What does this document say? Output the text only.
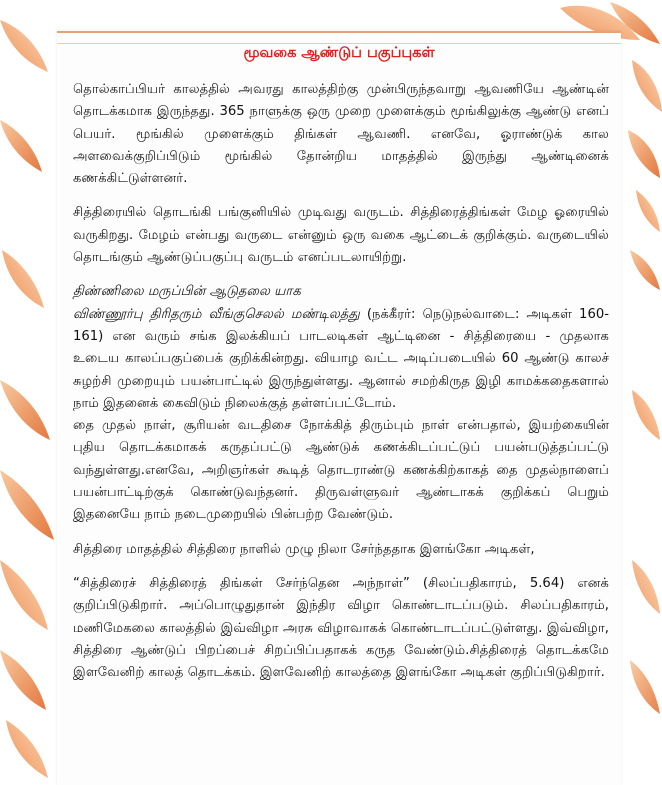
மூவகை ஆண்டுப் பகுப்புகள்

தொல்காப்பியர் காலத்தில் அவரது காலத்திற்கு முன்பிருந்தவாறு ஆவணியே ஆண்டின் தொடக்கமாக இருந்தது. 365 நாளுக்கு ஒரு முறை முளைக்கும் மூங்கிலுக்கு ஆண்டு எனப் பெயர். மூங்கில் முளைக்கும் திங்கள் ஆவணி. எனவே, ஓராண்டுக் கால அளவைக்குறிப்பிடும் மூங்கில் தோன்றிய மாதத்தில் இருந்து ஆண்டினைக் கணக்கிட்டுள்ளனர்.

சித்திரையில் தொடங்கி பங்குனியில் முடிவது வருடம். சித்திரைத்திங்கள் மேழ ஓரையில் வருகிறது. மேழம் என்பது வருடை என்னும் ஒரு வகை ஆட்டைக் குறிக்கும். வருடையில் தொடங்கும் ஆண்டுப்பகுப்பு வருடம் எனப்படலாயிற்று.

திண்ணிலை மருப்பின் ஆடுதலை யாக
விண்ணூர்பு திரிதரும் வீங்குசெலல் மண்டிலத்து (நக்கீரர்: நெடுநல்வாடை: அடிகள் 160-161) என வரும் சங்க இலக்கியப் பாடலடிகள் ஆட்டினை - சித்திரையை - முதலாக உடைய காலப்பகுப்பைக் குறிக்கின்றது. வியாழ வட்ட அடிப்படையில் 60 ஆண்டு காலச் சுழற்சி முறையும் பயன்பாட்டில் இருந்துள்ளது. ஆனால் சமற்கிருத இழி காமக்கதைகளால் நாம் இதனைக் கைவிடும் நிலைக்குத் தள்ளப்பட்டோம்.

தை முதல் நாள், சூரியன் வடதிசை நோக்கித் திரும்பும் நாள் என்பதால், இயற்கையின் புதிய தொடக்கமாகக் கருதப்பட்டு ஆண்டுக் கணக்கிடப்பட்டுப் பயன்படுத்தப்பட்டு வந்துள்ளது.எனவே, அறிஞர்கள் கூடித் தொடராண்டு கணக்கிற்காகத் தை முதல்நாளைப் பயன்பாட்டிற்குக் கொண்டுவந்தனர். திருவள்ளுவர் ஆண்டாகக் குறிக்கப் பெறும் இதனையே நாம் நடைமுறையில் பின்பற்ற வேண்டும்.

சித்திரை மாதத்தில் சித்திரை நாளில் முழு நிலா சேர்ந்ததாக இளங்கோ அடிகள்,

“சித்திரைச் சித்திரைத் திங்கள் சேர்ந்தென அந்நாள்” (சிலப்பதிகாரம், 5.64) எனக் குறிப்பிடுகிறார். அப்பொழுதுதான் இந்திர விழா கொண்டாடப்படும். சிலப்பதிகாரம், மணிமேகலை காலத்தில் இவ்விழா அரசு விழாவாகக் கொண்டாடப்பட்டுள்ளது. இவ்விழா, சித்திரை ஆண்டுப் பிறப்பைச் சிறப்பிப்பதாகக் கருத வேண்டும்.சித்திரைத் தொடக்கமே இளவேனிற் காலத் தொடக்கம். இளவேனிற் காலத்தை இளங்கோ அடிகள் குறிப்பிடுகிறார்.
